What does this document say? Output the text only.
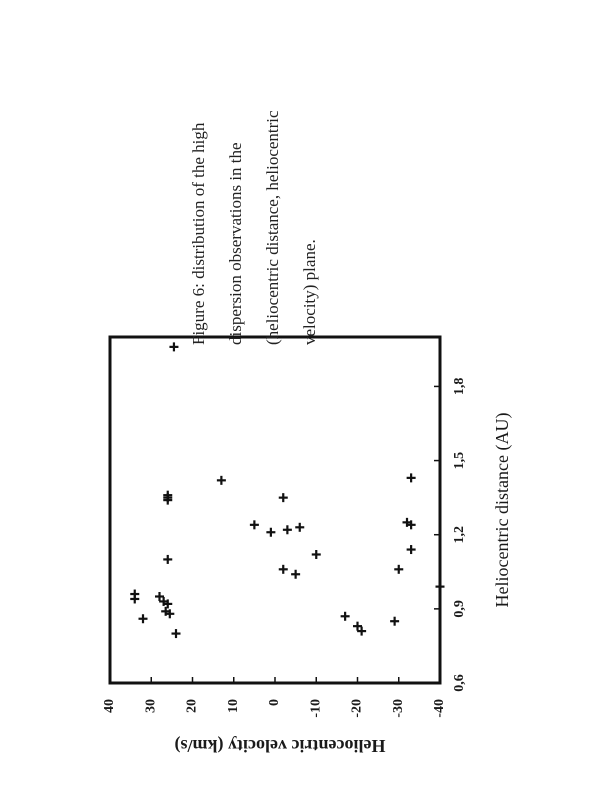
0,6
0,9
1,2
1,5
1,8
40 30 20 10 0 -10 -20 -30 -40
Heliocentric distance (AU)
Heliocentric velocity (km/s)
Figure 6: distribution of the high	dispersion observations in the	(heliocentric distance, heliocentric	velocity) plane.
